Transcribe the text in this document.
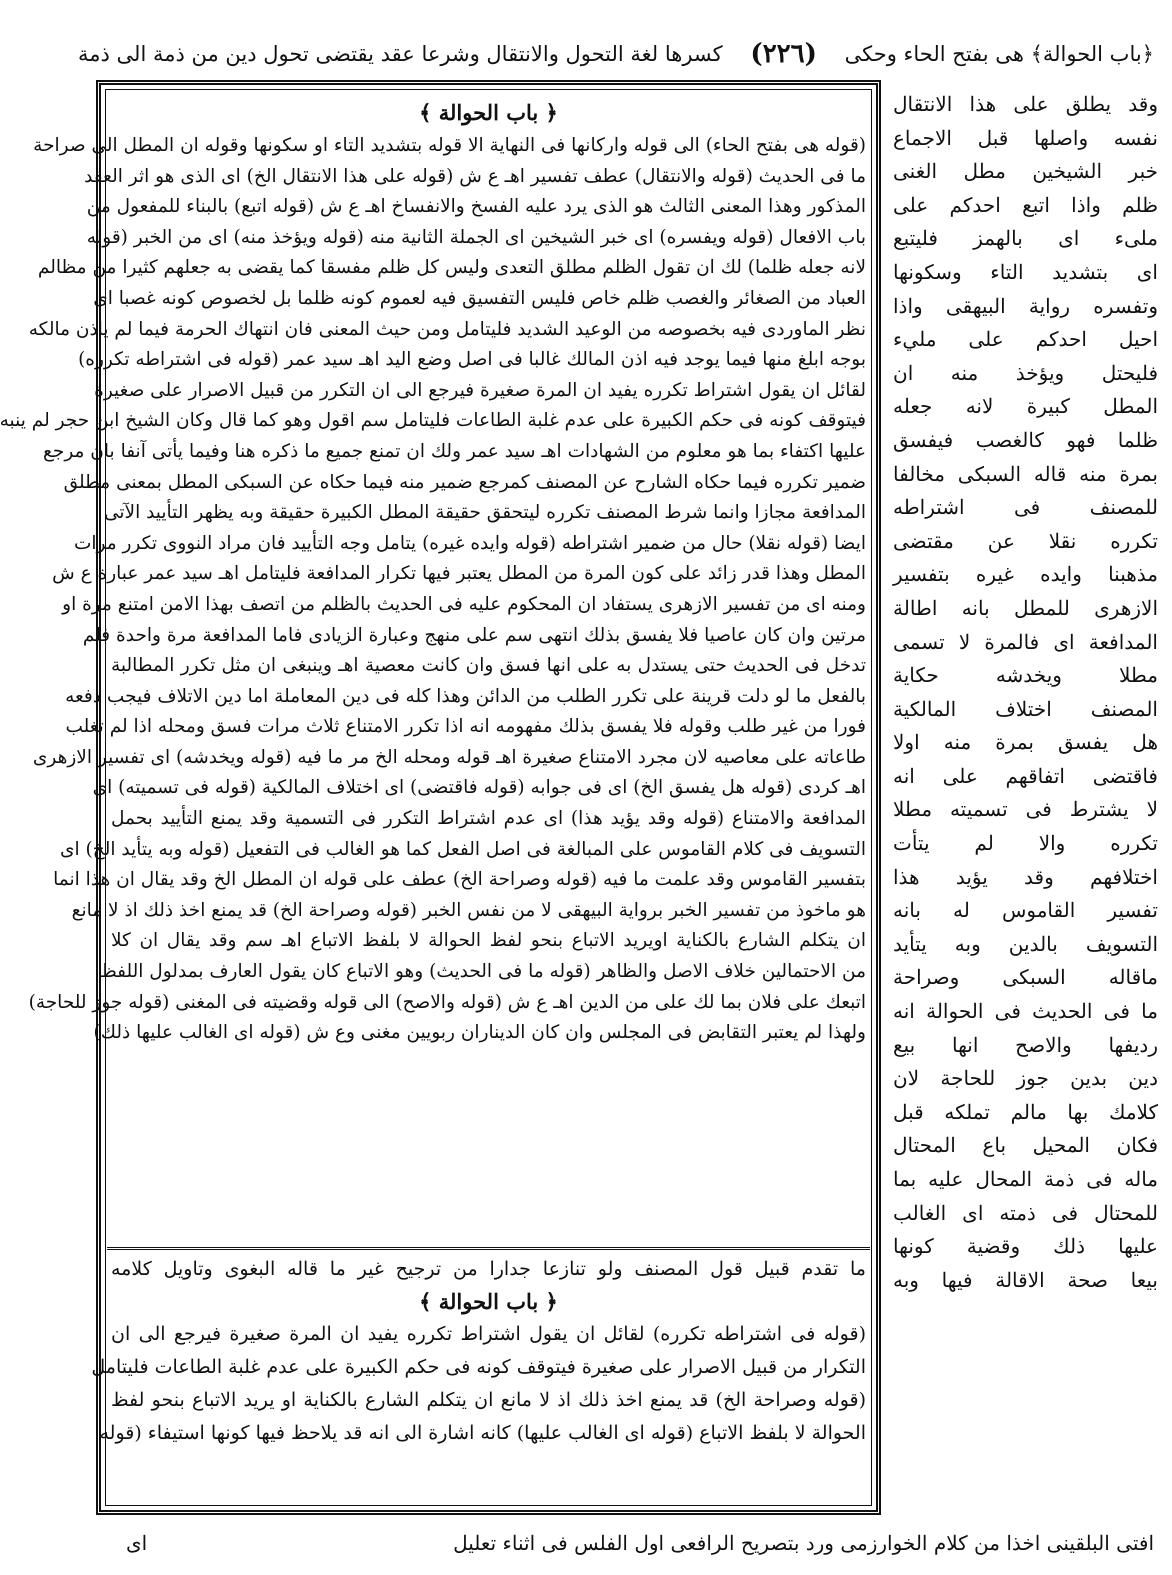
﴿باب الحوالة﴾ هى بفتح الحاء وحكى
(٢٢٦)
كسرها لغة التحول والانتقال وشرعا عقد يقتضى تحول دين من ذمة الى ذمة
وقد يطلق على هذا الانتقال
نفسه واصلها قبل الاجماع
خبر الشيخين مطل الغنى
ظلم واذا اتبع احدكم على
ملىء اى بالهمز فليتبع
اى بتشديد التاء وسكونها
وتفسره رواية البيهقى واذا
احيل احدكم على مليء
فليحتل ويؤخذ منه ان
المطل كبيرة لانه جعله
ظلما فهو كالغصب فيفسق
بمرة منه قاله السبكى مخالفا
للمصنف فى اشتراطه
تكرره نقلا عن مقتضى
مذهبنا وايده غيره بتفسير
الازهرى للمطل بانه اطالة
المدافعة اى فالمرة لا تسمى
مطلا ويخدشه حكاية
المصنف اختلاف المالكية
هل يفسق بمرة منه اولا
فاقتضى اتفاقهم على انه
لا يشترط فى تسميته مطلا
تكرره والا لم يتأت
اختلافهم وقد يؤيد هذا
تفسير القاموس له بانه
التسويف بالدين وبه يتأيد
ماقاله السبكى وصراحة
ما فى الحديث فى الحوالة انه
رديفها والاصح انها بيع
دين بدين جوز للحاجة لان
كلامك بها مالم تملكه قبل
فكان المحيل باع المحتال
ماله فى ذمة المحال عليه بما
للمحتال فى ذمته اى الغالب
عليها ذلك وقضية كونها
بيعا صحة الاقالة فيها وبه
﴿ باب الحوالة ﴾
(قوله هى بفتح الحاء) الى قوله واركانها فى النهاية الا قوله بتشديد التاء او سكونها وقوله ان المطل الى صراحة
ما فى الحديث (قوله والانتقال) عطف تفسير اهـ ع ش (قوله على هذا الانتقال الخ) اى الذى هو اثر العقد
المذكور وهذا المعنى الثالث هو الذى يرد عليه الفسخ والانفساخ اهـ ع ش (قوله اتبع) بالبناء للمفعول من
باب الافعال (قوله ويفسره) اى خبر الشيخين اى الجملة الثانية منه (قوله ويؤخذ منه) اى من الخبر (قوله
لانه جعله ظلما) لك ان تقول الظلم مطلق التعدى وليس كل ظلم مفسقا كما يقضى به جعلهم كثيرا من مظالم
العباد من الصغائر والغصب ظلم خاص فليس التفسيق فيه لعموم كونه ظلما بل لخصوص كونه غصبا اى
نظر الماوردى فيه بخصوصه من الوعيد الشديد فليتامل ومن حيث المعنى فان انتهاك الحرمة فيما لم ياذن مالكه
بوجه ابلغ منها فيما يوجد فيه اذن المالك غالبا فى اصل وضع اليد اهـ سيد عمر (قوله فى اشتراطه تكرره)
لقائل ان يقول اشتراط تكرره يفيد ان المرة صغيرة فيرجع الى ان التكرر من قبيل الاصرار على صغيرة
فيتوقف كونه فى حكم الكبيرة على عدم غلبة الطاعات فليتامل سم اقول وهو كما قال وكان الشيخ ابن حجر لم ينبه
عليها اكتفاء بما هو معلوم من الشهادات اهـ سيد عمر ولك ان تمنع جميع ما ذكره هنا وفيما يأتى آنفا بان مرجع
ضمير تكرره فيما حكاه الشارح عن المصنف كمرجع ضمير منه فيما حكاه عن السبكى المطل بمعنى مطلق
المدافعة مجازا وانما شرط المصنف تكرره ليتحقق حقيقة المطل الكبيرة حقيقة وبه يظهر التأييد الآتى
ايضا (قوله نقلا) حال من ضمير اشتراطه (قوله وايده غيره) يتامل وجه التأييد فان مراد النووى تكرر مرات
المطل وهذا قدر زائد على كون المرة من المطل يعتبر فيها تكرار المدافعة فليتامل اهـ سيد عمر عبارة ع ش
ومنه اى من تفسير الازهرى يستفاد ان المحكوم عليه فى الحديث بالظلم من اتصف بهذا الامن امتنع مرة او
مرتين وان كان عاصيا فلا يفسق بذلك انتهى سم على منهج وعبارة الزيادى فاما المدافعة مرة واحدة فلم
تدخل فى الحديث حتى يستدل به على انها فسق وان كانت معصية اهـ وينبغى ان مثل تكرر المطالبة
بالفعل ما لو دلت قرينة على تكرر الطلب من الدائن وهذا كله فى دين المعاملة اما دين الاتلاف فيجب دفعه
فورا من غير طلب وقوله فلا يفسق بذلك مفهومه انه اذا تكرر الامتناع ثلاث مرات فسق ومحله اذا لم تغلب
طاعاته على معاصيه لان مجرد الامتناع صغيرة اهـ قوله ومحله الخ مر ما فيه (قوله ويخدشه) اى تفسير الازهرى
اهـ كردى (قوله هل يفسق الخ) اى فى جوابه (قوله فاقتضى) اى اختلاف المالكية (قوله فى تسميته) اى
المدافعة والامتناع (قوله وقد يؤيد هذا) اى عدم اشتراط التكرر فى التسمية وقد يمنع التأييد بحمل
التسويف فى كلام القاموس على المبالغة فى اصل الفعل كما هو الغالب فى التفعيل (قوله وبه يتأيد الخ) اى
بتفسير القاموس وقد علمت ما فيه (قوله وصراحة الخ) عطف على قوله ان المطل الخ وقد يقال ان هذا انما
هو ماخوذ من تفسير الخبر برواية البيهقى لا من نفس الخبر (قوله وصراحة الخ) قد يمنع اخذ ذلك اذ لا مانع
ان يتكلم الشارع بالكناية اويريد الاتباع بنحو لفظ الحوالة لا بلفظ الاتباع اهـ سم وقد يقال ان كلا
من الاحتمالين خلاف الاصل والظاهر (قوله ما فى الحديث) وهو الاتباع كان يقول العارف بمدلول اللفظ
اتبعك على فلان بما لك على من الدين اهـ ع ش (قوله والاصح) الى قوله وقضيته فى المغنى (قوله جوز للحاجة)
ولهذا لم يعتبر التقابض فى المجلس وان كان الديناران ربويين مغنى وع ش (قوله اى الغالب عليها ذلك)
ما تقدم قبيل قول المصنف ولو تنازعا جدارا من ترجيح غير ما قاله البغوى وتاويل كلامه
﴿ باب الحوالة ﴾
(قوله فى اشتراطه تكرره) لقائل ان يقول اشتراط تكرره يفيد ان المرة صغيرة فيرجع الى ان
التكرار من قبيل الاصرار على صغيرة فيتوقف كونه فى حكم الكبيرة على عدم غلبة الطاعات فليتامل
(قوله وصراحة الخ) قد يمنع اخذ ذلك اذ لا مانع ان يتكلم الشارع بالكناية او يريد الاتباع بنحو لفظ
الحوالة لا بلفظ الاتباع (قوله اى الغالب عليها) كانه اشارة الى انه قد يلاحظ فيها كونها استيفاء (قوله
افتى البلقينى اخذا من كلام الخوارزمى ورد بتصريح الرافعى اول الفلس فى اثناء تعليل
اى
